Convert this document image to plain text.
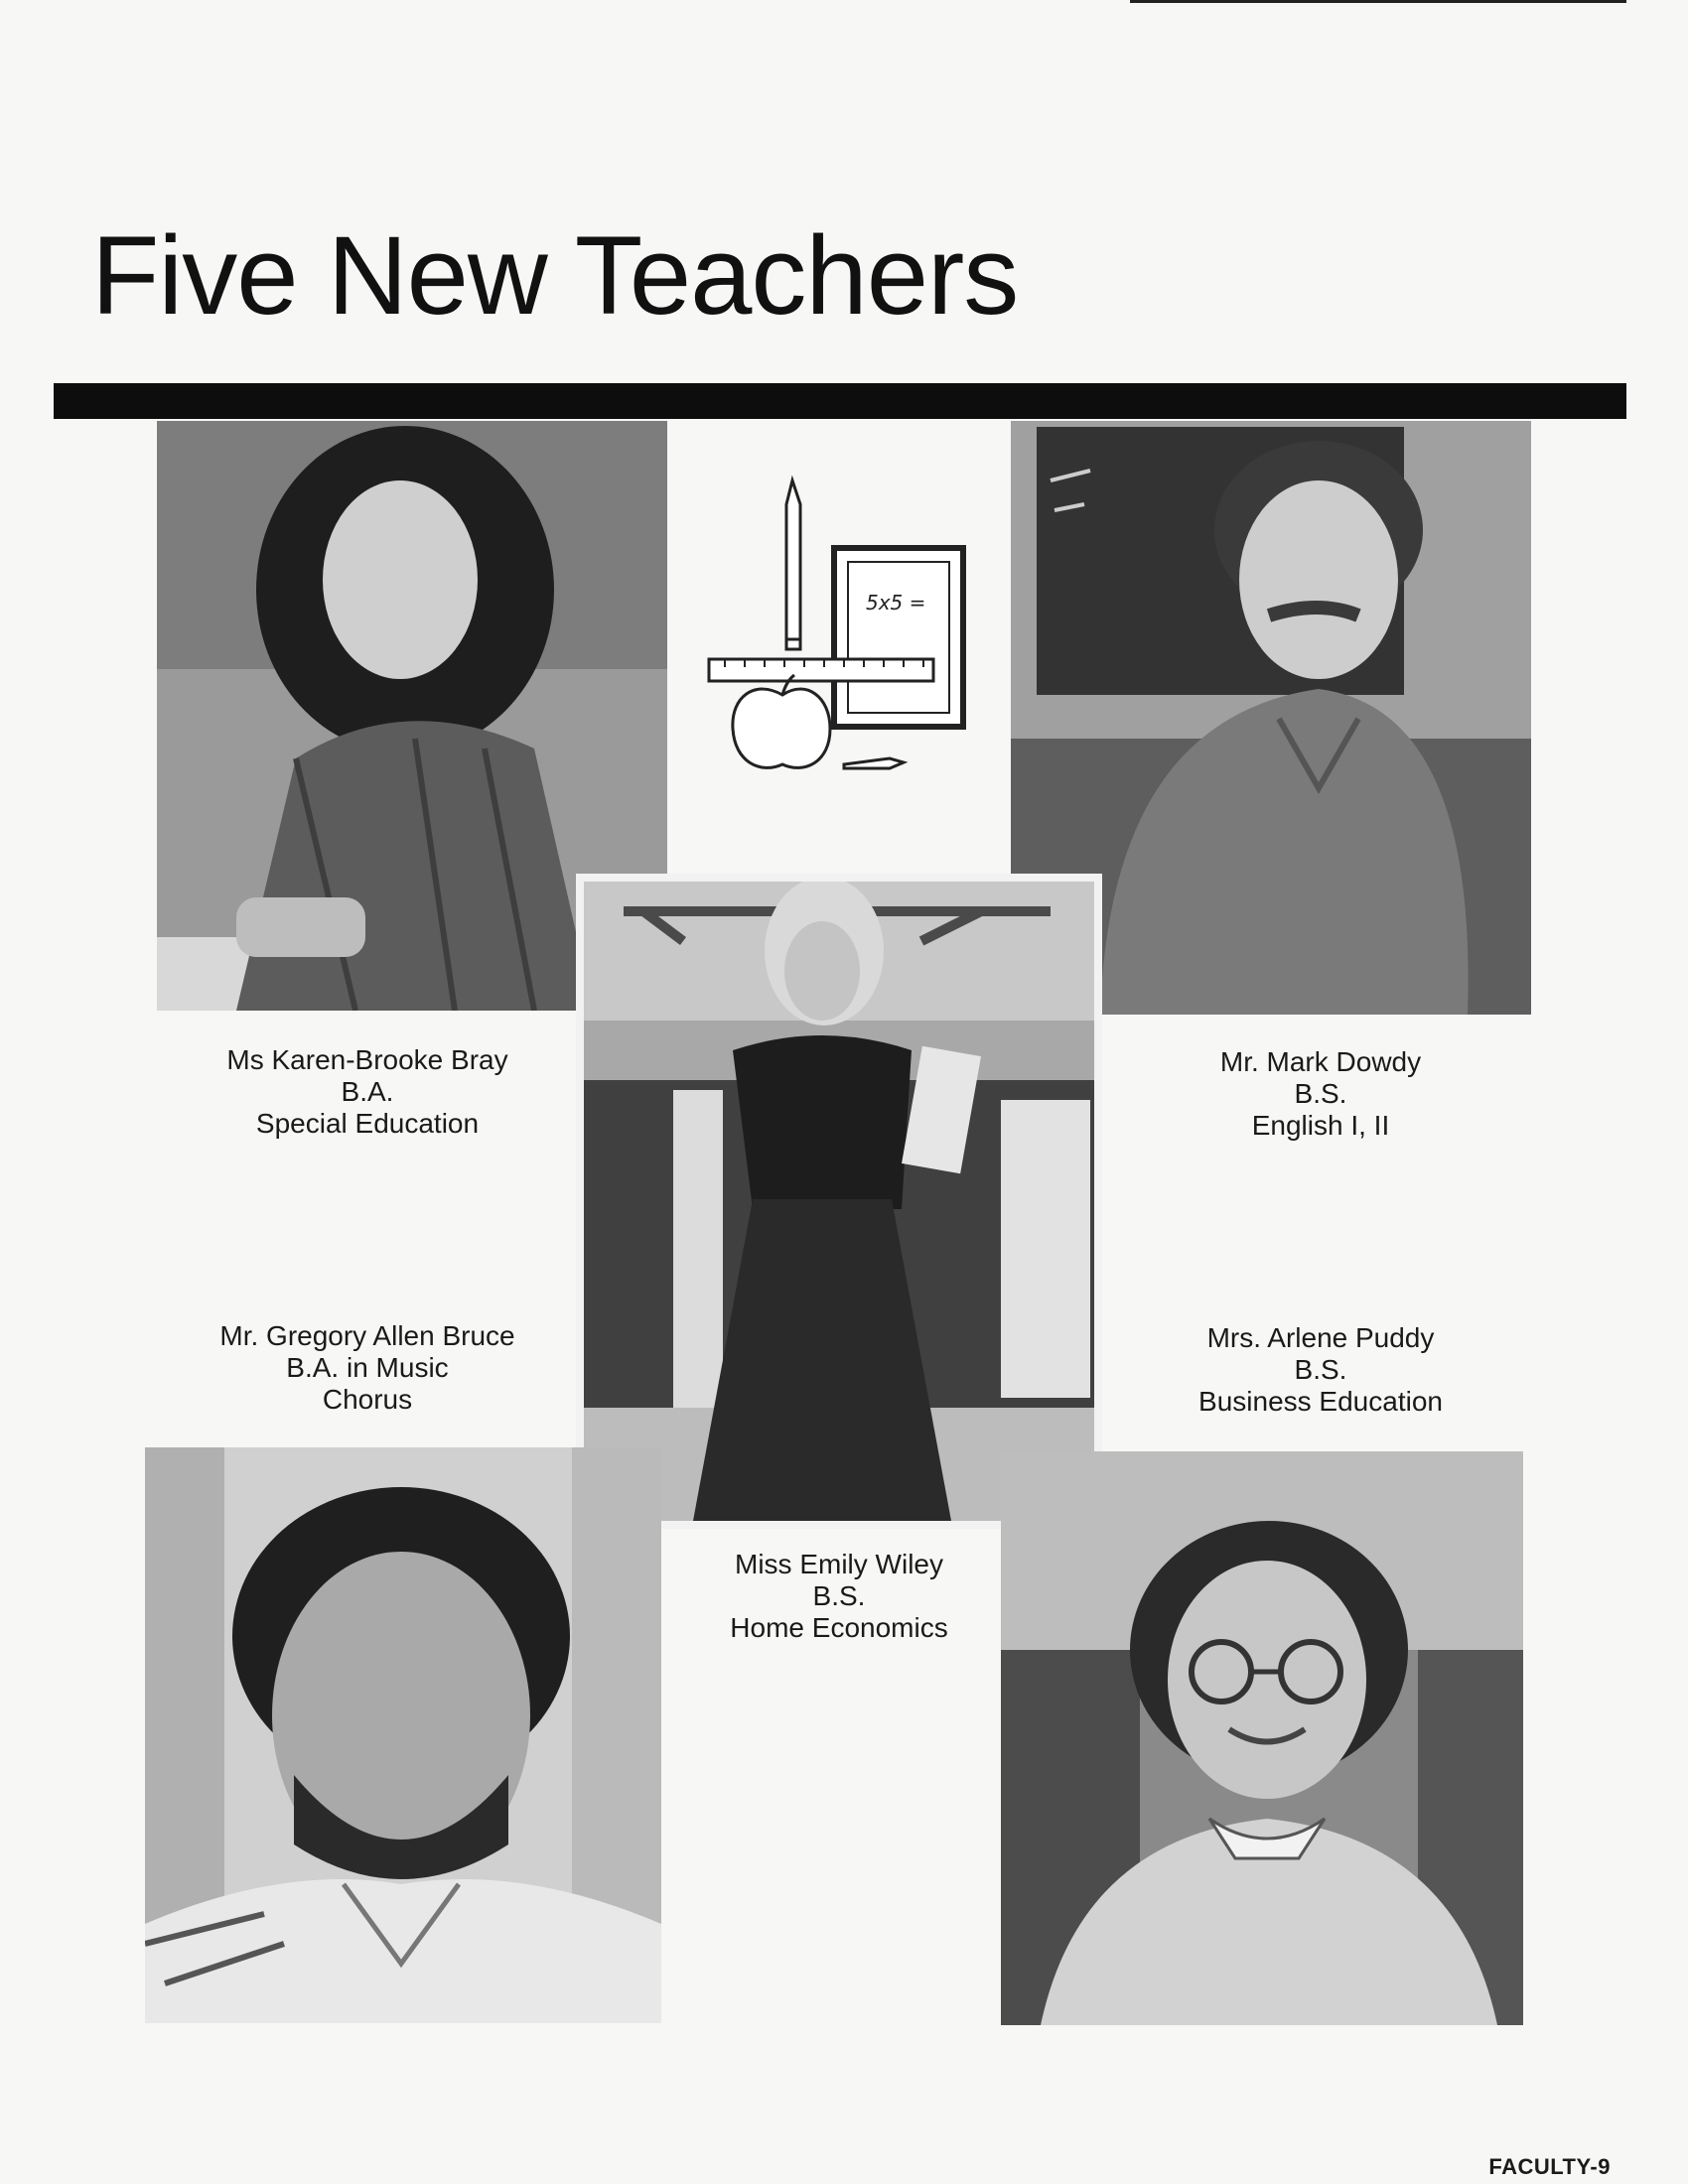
Five New Teachers
5x5 =
Ms Karen-Brooke Bray
B.A.
Special Education
Mr. Mark Dowdy
B.S.
English I, II
Mr. Gregory Allen Bruce
B.A. in Music
Chorus
Mrs. Arlene Puddy
B.S.
Business Education
Miss Emily Wiley
B.S.
Home Economics
FACULTY-9
